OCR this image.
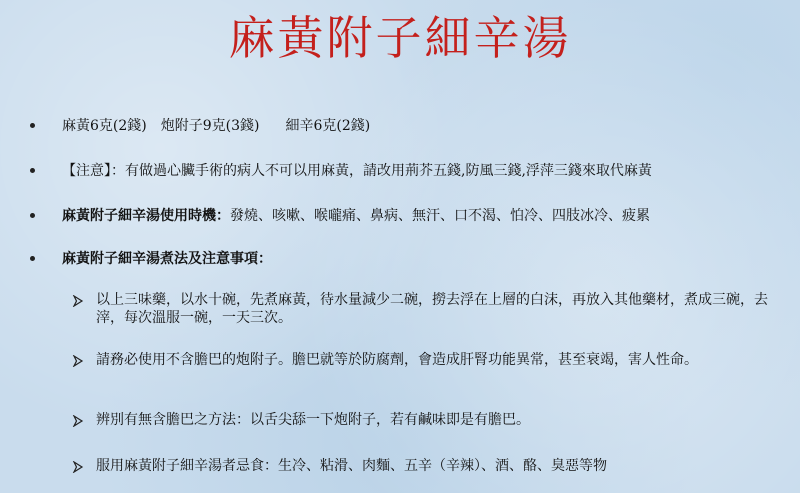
麻黃附子細辛湯
麻黃6克(2錢) 炮附子9克(3錢) 細辛6克(2錢)
【注意】：有做過心臟手術的病人不可以用麻黃，請改用荊芥五錢,防風三錢,浮萍三錢來取代麻黃
麻黃附子細辛湯使用時機：發燒、咳嗽、喉嚨痛、鼻病、無汗、口不渴、怕冷、四肢冰冷、疲累
麻黃附子細辛湯煮法及注意事項：
以上三味藥，以水十碗，先煮麻黃，待水量減少二碗，撈去浮在上層的白沫，再放入其他藥材，煮成三碗，去滓，每次溫服一碗，一天三次。
請務必使用不含膽巴的炮附子。膽巴就等於防腐劑，會造成肝腎功能異常，甚至衰竭，害人性命。
辨別有無含膽巴之方法：以舌尖舔一下炮附子，若有鹹味即是有膽巴。
服用麻黃附子細辛湯者忌食：生冷、粘滑、肉麵、五辛（辛辣）、酒、酪、臭惡等物
